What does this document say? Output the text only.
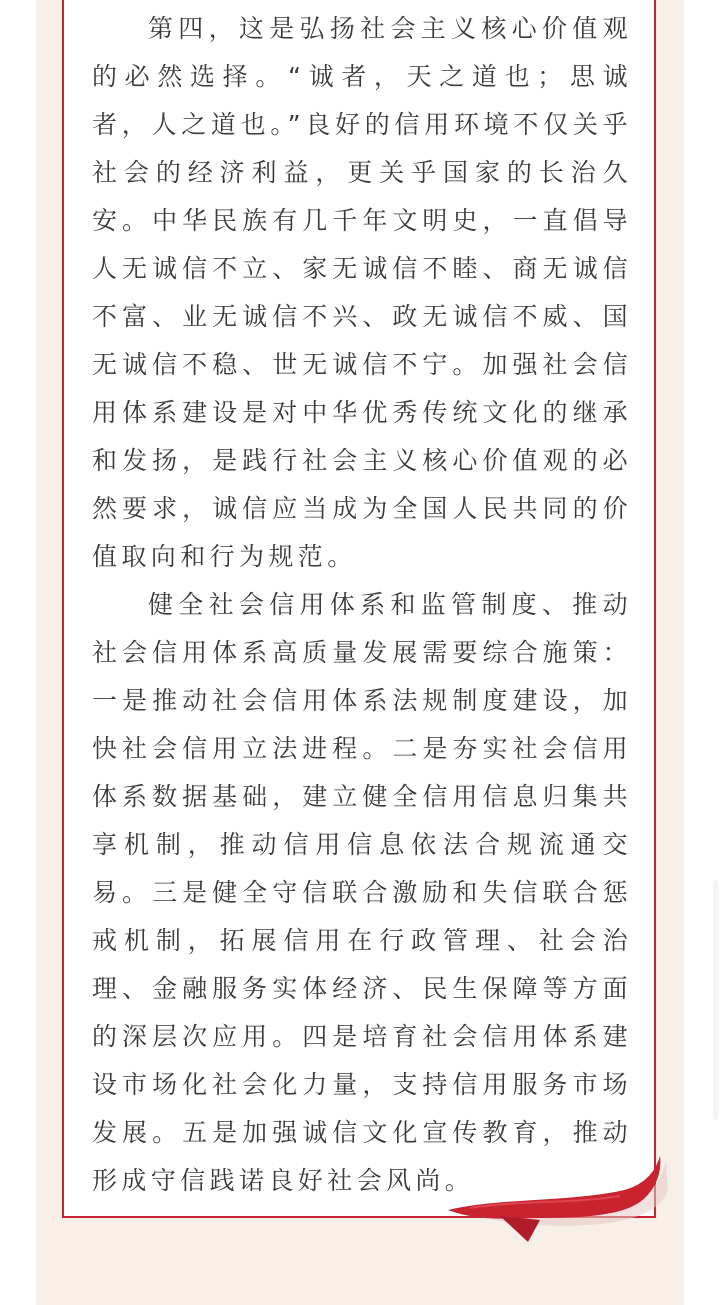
第四，这是弘扬社会主义核心价值观的必然选择。“诚者，天之道也；思诚者，人之道也。”良好的信用环境不仅关乎社会的经济利益，更关乎国家的长治久安。中华民族有几千年文明史，一直倡导人无诚信不立、家无诚信不睦、商无诚信不富、业无诚信不兴、政无诚信不威、国无诚信不稳、世无诚信不宁。加强社会信用体系建设是对中华优秀传统文化的继承和发扬，是践行社会主义核心价值观的必然要求，诚信应当成为全国人民共同的价值取向和行为规范。

健全社会信用体系和监管制度、推动社会信用体系高质量发展需要综合施策：一是推动社会信用体系法规制度建设，加快社会信用立法进程。二是夯实社会信用体系数据基础，建立健全信用信息归集共享机制，推动信用信息依法合规流通交易。三是健全守信联合激励和失信联合惩戒机制，拓展信用在行政管理、社会治理、金融服务实体经济、民生保障等方面的深层次应用。四是培育社会信用体系建设市场化社会化力量，支持信用服务市场发展。五是加强诚信文化宣传教育，推动形成守信践诺良好社会风尚。
